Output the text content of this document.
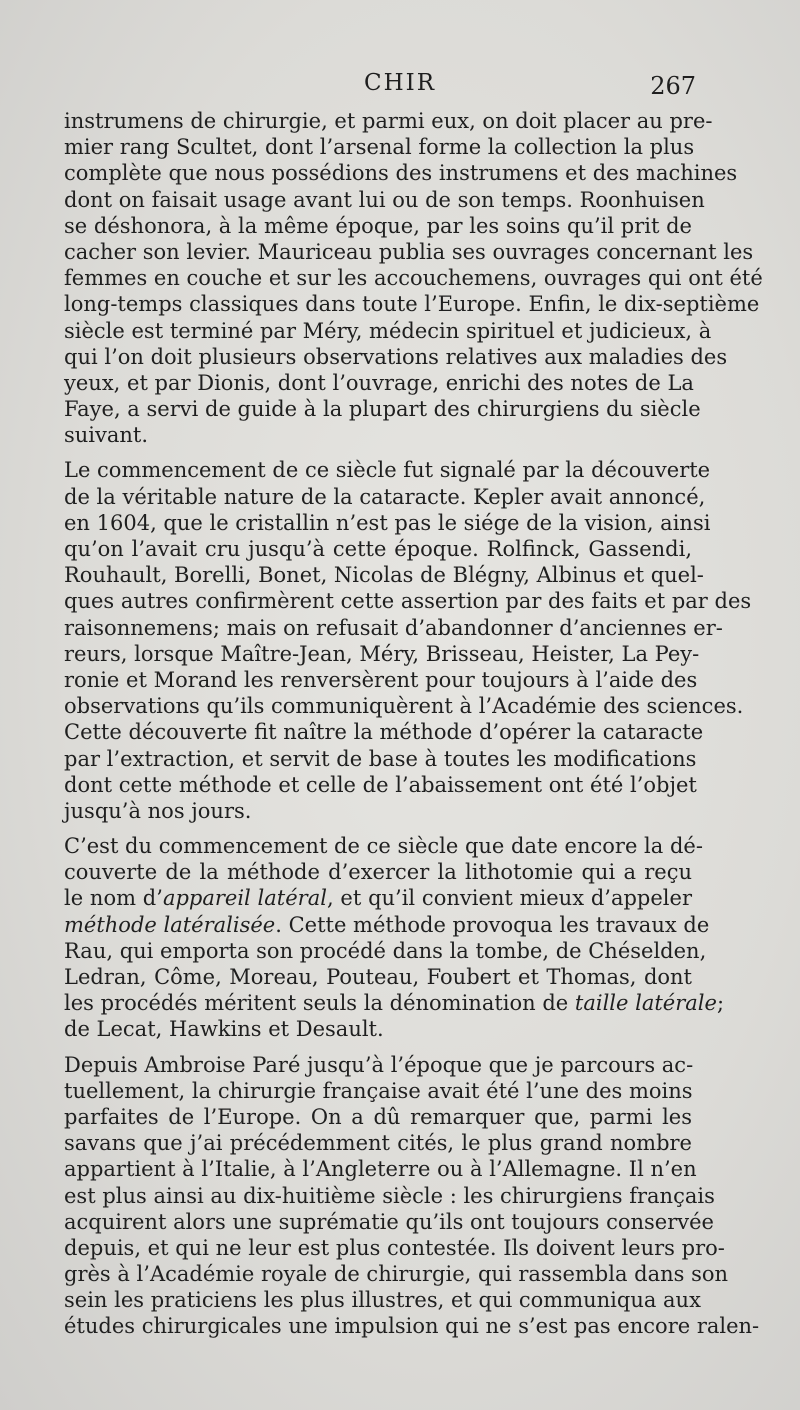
CHIR	267
instrumens de chirurgie, et parmi eux, on doit placer au pre-
mier rang Scultet, dont l’arsenal forme la collection la plus
complète que nous possédions des instrumens et des machines
dont on faisait usage avant lui ou de son temps. Roonhuisen
se déshonora, à la même époque, par les soins qu’il prit de
cacher son levier. Mauriceau publia ses ouvrages concernant les
femmes en couche et sur les accouchemens, ouvrages qui ont été
long-temps classiques dans toute l’Europe. Enfin, le dix-septième
siècle est terminé par Méry, médecin spirituel et judicieux, à
qui l’on doit plusieurs observations relatives aux maladies des
yeux, et par Dionis, dont l’ouvrage, enrichi des notes de La
Faye, a servi de guide à la plupart des chirurgiens du siècle
suivant.
Le commencement de ce siècle fut signalé par la découverte
de la véritable nature de la cataracte. Kepler avait annoncé,
en 1604, que le cristallin n’est pas le siége de la vision, ainsi
qu’on l’avait cru jusqu’à cette époque. Rolfinck, Gassendi,
Rouhault, Borelli, Bonet, Nicolas de Blégny, Albinus et quel-
ques autres confirmèrent cette assertion par des faits et par des
raisonnemens; mais on refusait d’abandonner d’anciennes er-
reurs, lorsque Maître-Jean, Méry, Brisseau, Heister, La Pey-
ronie et Morand les renversèrent pour toujours à l’aide des
observations qu’ils communiquèrent à l’Académie des sciences.
Cette découverte fit naître la méthode d’opérer la cataracte
par l’extraction, et servit de base à toutes les modifications
dont cette méthode et celle de l’abaissement ont été l’objet
jusqu’à nos jours.
C’est du commencement de ce siècle que date encore la dé-
couverte de la méthode d’exercer la lithotomie qui a reçu
le nom d’appareil latéral, et qu’il convient mieux d’appeler
méthode latéralisée. Cette méthode provoqua les travaux de
Rau, qui emporta son procédé dans la tombe, de Chéselden,
Ledran, Côme, Moreau, Pouteau, Foubert et Thomas, dont
les procédés méritent seuls la dénomination de taille latérale;
de Lecat, Hawkins et Desault.
Depuis Ambroise Paré jusqu’à l’époque que je parcours ac-
tuellement, la chirurgie française avait été l’une des moins
parfaites de l’Europe. On a dû remarquer que, parmi les
savans que j’ai précédemment cités, le plus grand nombre
appartient à l’Italie, à l’Angleterre ou à l’Allemagne. Il n’en
est plus ainsi au dix-huitième siècle : les chirurgiens français
acquirent alors une suprématie qu’ils ont toujours conservée
depuis, et qui ne leur est plus contestée. Ils doivent leurs pro-
grès à l’Académie royale de chirurgie, qui rassembla dans son
sein les praticiens les plus illustres, et qui communiqua aux
études chirurgicales une impulsion qui ne s’est pas encore ralen-
